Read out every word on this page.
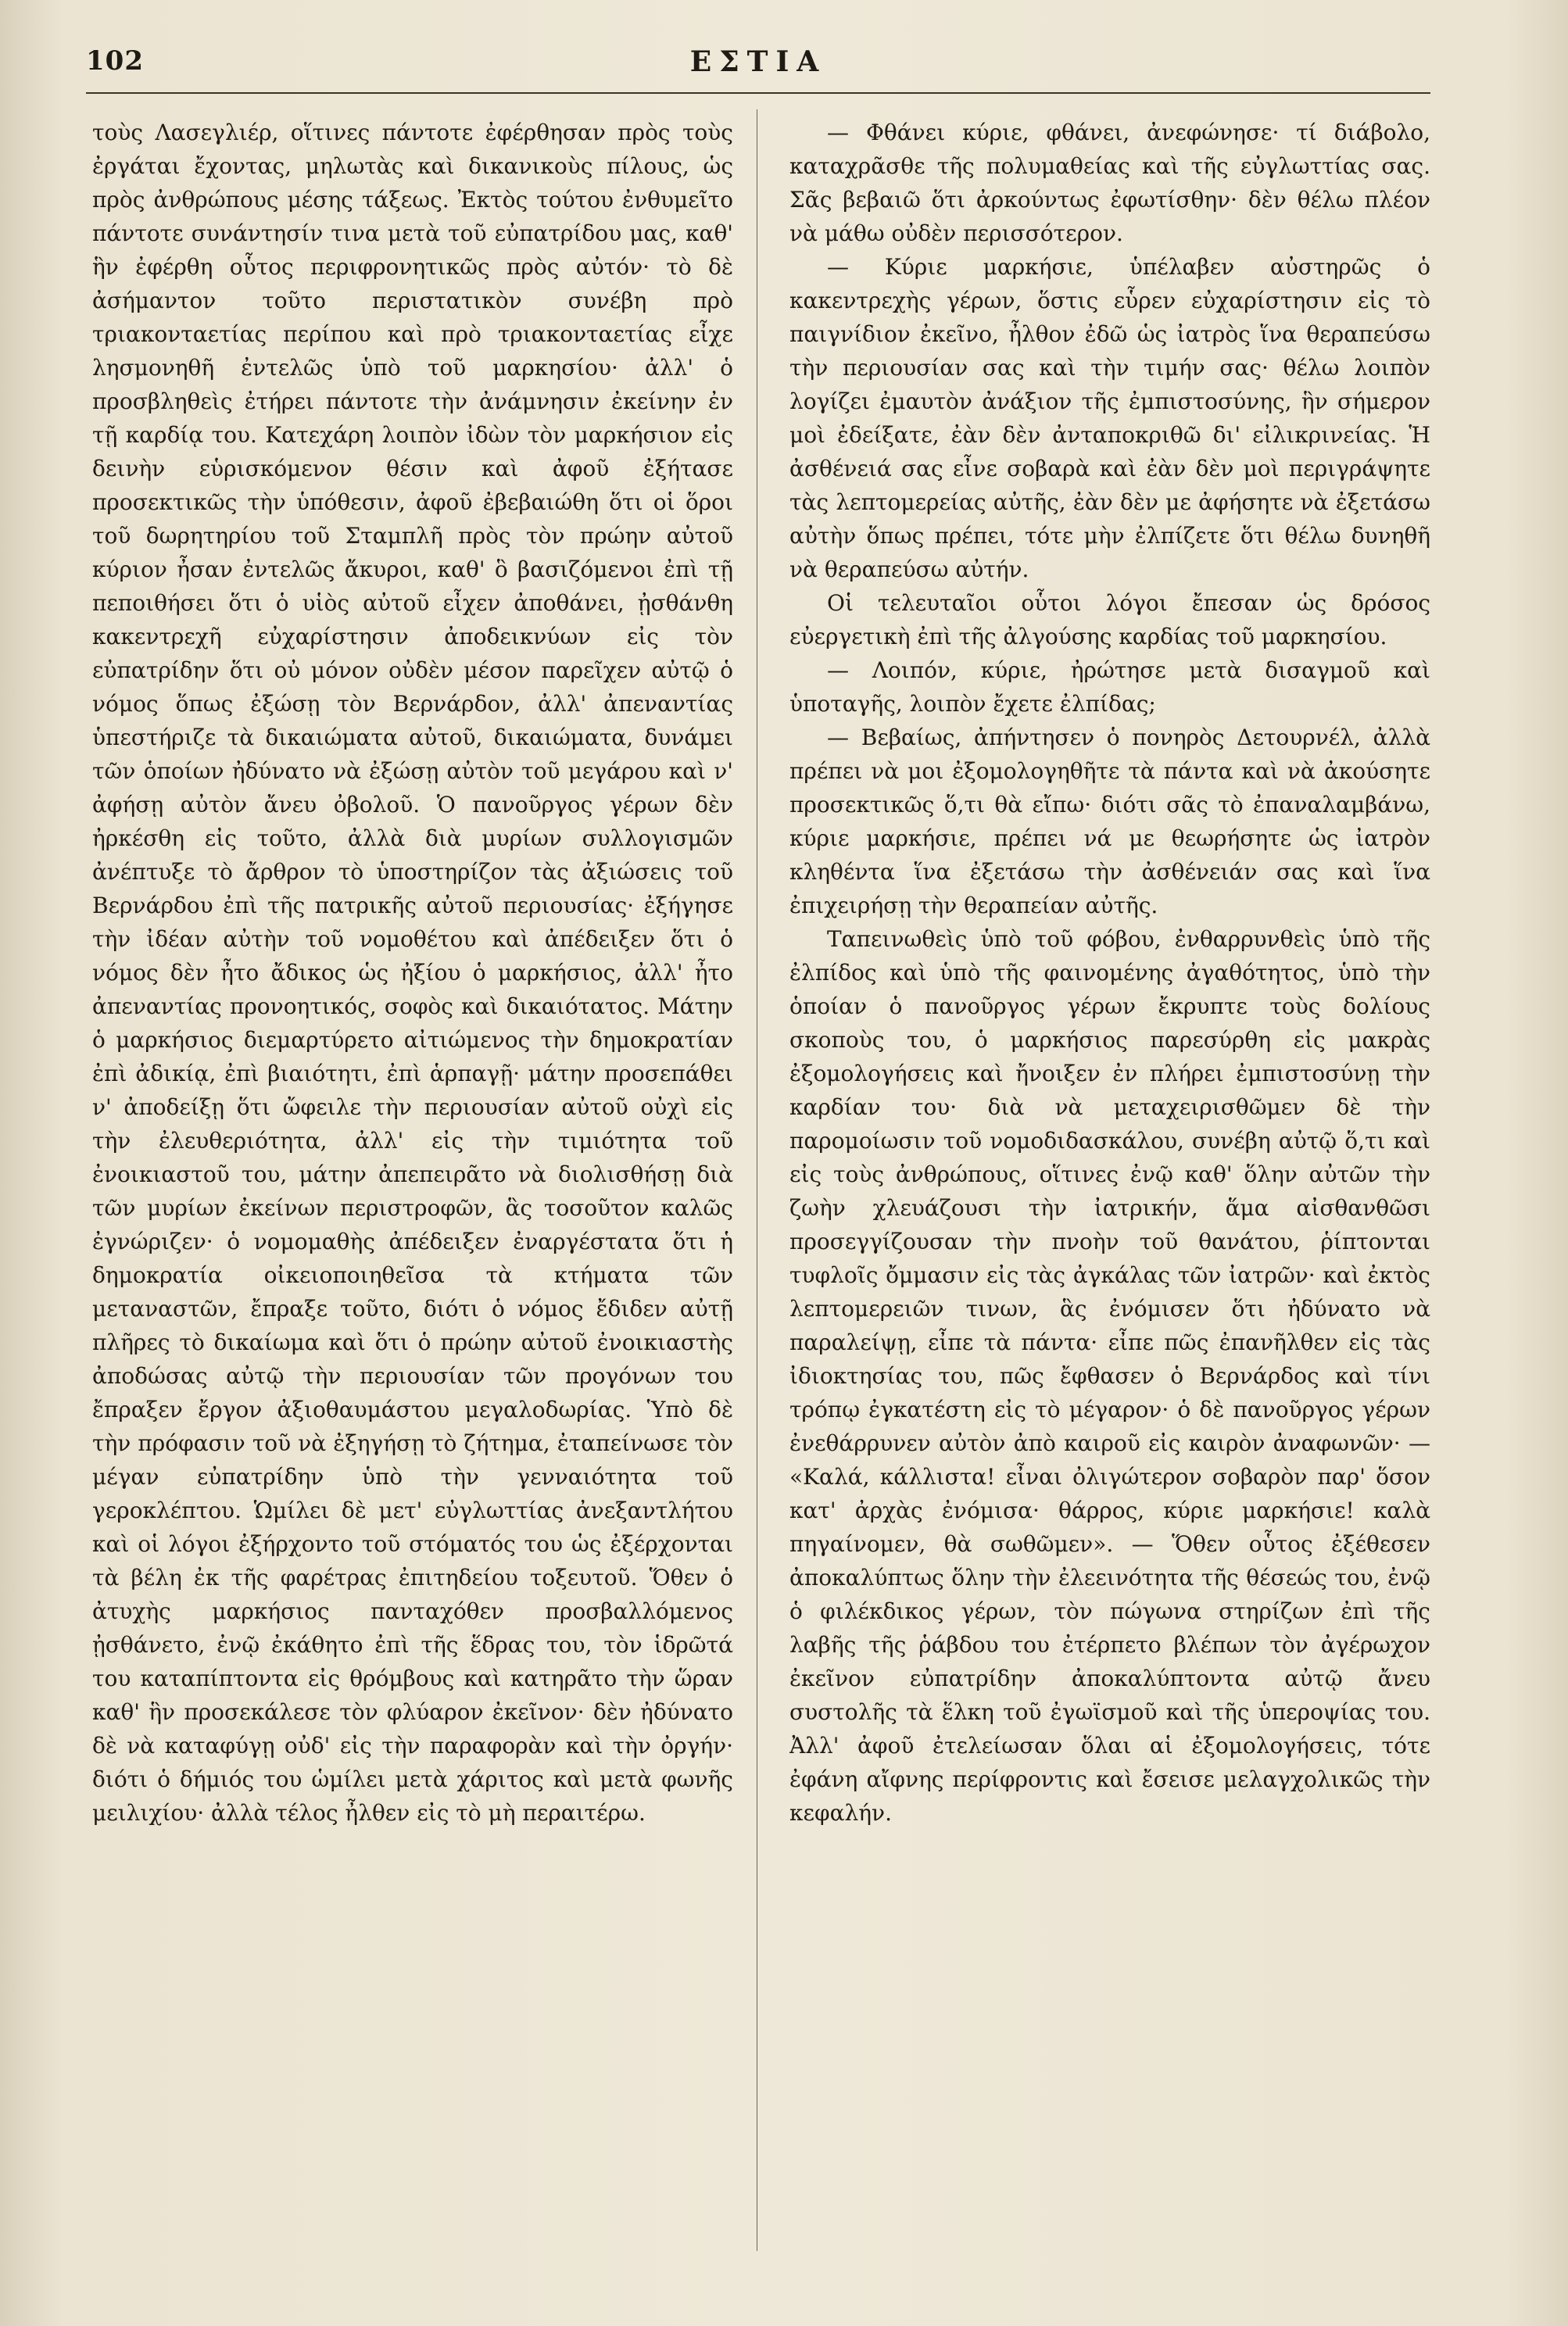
102	ΕΣΤΙΑ

τοὺς Λασεγλιέρ, οἵτινες πάντοτε ἐφέρθησαν πρὸς τοὺς ἐργάται ἔχοντας, μηλωτὰς καὶ δικανικοὺς πίλους, ὡς πρὸς ἀνθρώπους μέσης τάξεως. Ἐκτὸς τούτου ἐνθυμεῖτο πάντοτε συνάντησίν τινα μετὰ τοῦ εὐπατρίδου μας, καθ' ἣν ἐφέρθη οὗτος περιφρονητικῶς πρὸς αὐτόν· τὸ δὲ ἀσήμαντον τοῦτο περιστατικὸν συνέβη πρὸ τριακονταετίας περίπου καὶ πρὸ τριακονταετίας εἶχε λησμονηθῆ ἐντελῶς ὑπὸ τοῦ μαρκησίου· ἀλλ' ὁ προσβληθεὶς ἐτήρει πάντοτε τὴν ἀνάμνησιν ἐκείνην ἐν τῇ καρδίᾳ του. Κατεχάρη λοιπὸν ἰδὼν τὸν μαρκήσιον εἰς δεινὴν εὑρισκόμενον θέσιν καὶ ἀφοῦ ἐξήτασε προσεκτικῶς τὴν ὑπόθεσιν, ἀφοῦ ἐβεβαιώθη ὅτι οἱ ὅροι τοῦ δωρητηρίου τοῦ Σταμπλῆ πρὸς τὸν πρώην αὐτοῦ κύριον ἦσαν ἐντελῶς ἄκυροι, καθ' ὃ βασιζόμενοι ἐπὶ τῇ πεποιθήσει ὅτι ὁ υἱὸς αὐτοῦ εἶχεν ἀποθάνει, ᾐσθάνθη κακεντρεχῆ εὐχαρίστησιν ἀποδεικνύων εἰς τὸν εὐπατρίδην ὅτι οὐ μόνον οὐδὲν μέσον παρεῖχεν αὐτῷ ὁ νόμος ὅπως ἐξώσῃ τὸν Βερνάρδον, ἀλλ' ἀπεναντίας ὑπεστήριζε τὰ δικαιώματα αὐτοῦ, δικαιώματα, δυνάμει τῶν ὁποίων ἠδύνατο νὰ ἐξώσῃ αὐτὸν τοῦ μεγάρου καὶ ν' ἀφήσῃ αὐτὸν ἄνευ ὀβολοῦ. Ὁ πανοῦργος γέρων δὲν ἠρκέσθη εἰς τοῦτο, ἀλλὰ διὰ μυρίων συλλογισμῶν ἀνέπτυξε τὸ ἄρθρον τὸ ὑποστηρίζον τὰς ἀξιώσεις τοῦ Βερνάρδου ἐπὶ τῆς πατρικῆς αὐτοῦ περιουσίας· ἐξήγησε τὴν ἰδέαν αὐτὴν τοῦ νομοθέτου καὶ ἀπέδειξεν ὅτι ὁ νόμος δὲν ἦτο ἄδικος ὡς ἠξίου ὁ μαρκήσιος, ἀλλ' ἦτο ἀπεναντίας προνοητικός, σοφὸς καὶ δικαιότατος. Μάτην ὁ μαρκήσιος διεμαρτύρετο αἰτιώμενος τὴν δημοκρατίαν ἐπὶ ἀδικίᾳ, ἐπὶ βιαιότητι, ἐπὶ ἁρπαγῇ· μάτην προσεπάθει ν' ἀποδείξῃ ὅτι ὤφειλε τὴν περιουσίαν αὐτοῦ οὐχὶ εἰς τὴν ἐλευθεριότητα, ἀλλ' εἰς τὴν τιμιότητα τοῦ ἐνοικιαστοῦ του, μάτην ἀπεπειρᾶτο νὰ διολισθήσῃ διὰ τῶν μυρίων ἐκείνων περιστροφῶν, ἃς τοσοῦτον καλῶς ἐγνώριζεν· ὁ νομομαθὴς ἀπέδειξεν ἐναργέστατα ὅτι ἡ δημοκρατία οἰκειοποιηθεῖσα τὰ κτήματα τῶν μεταναστῶν, ἔπραξε τοῦτο, διότι ὁ νόμος ἔδιδεν αὐτῇ πλῆρες τὸ δικαίωμα καὶ ὅτι ὁ πρώην αὐτοῦ ἐνοικιαστὴς ἀποδώσας αὐτῷ τὴν περιουσίαν τῶν προγόνων του ἔπραξεν ἔργον ἀξιοθαυμάστου μεγαλοδωρίας. Ὑπὸ δὲ τὴν πρόφασιν τοῦ νὰ ἐξηγήσῃ τὸ ζήτημα, ἐταπείνωσε τὸν μέγαν εὐπατρίδην ὑπὸ τὴν γενναιότητα τοῦ γεροκλέπτου. Ὡμίλει δὲ μετ' εὐγλωττίας ἀνεξαντλήτου καὶ οἱ λόγοι ἐξήρχοντο τοῦ στόματός του ὡς ἐξέρχονται τὰ βέλη ἐκ τῆς φαρέτρας ἐπιτηδείου τοξευτοῦ. Ὅθεν ὁ ἀτυχὴς μαρκήσιος πανταχόθεν προσβαλλόμενος ᾐσθάνετο, ἐνῷ ἐκάθητο ἐπὶ τῆς ἕδρας του, τὸν ἱδρῶτά του καταπίπτοντα εἰς θρόμβους καὶ κατηρᾶτο τὴν ὥραν καθ' ἣν προσεκάλεσε τὸν φλύαρον ἐκεῖνον· δὲν ἠδύνατο δὲ νὰ καταφύγῃ οὐδ' εἰς τὴν παραφορὰν καὶ τὴν ὀργήν· διότι ὁ δήμιός του ὡμίλει μετὰ χάριτος καὶ μετὰ φωνῆς μειλιχίου· ἀλλὰ τέλος ἦλθεν εἰς τὸ μὴ περαιτέρω.

— Φθάνει κύριε, φθάνει, ἀνεφώνησε· τί διάβολο, καταχρᾶσθε τῆς πολυμαθείας καὶ τῆς εὐγλωττίας σας. Σᾶς βεβαιῶ ὅτι ἀρκούντως ἐφωτίσθην· δὲν θέλω πλέον νὰ μάθω οὐδὲν περισσότερον.

— Κύριε μαρκήσιε, ὑπέλαβεν αὐστηρῶς ὁ κακεντρεχὴς γέρων, ὅστις εὗρεν εὐχαρίστησιν εἰς τὸ παιγνίδιον ἐκεῖνο, ἦλθον ἐδῶ ὡς ἰατρὸς ἵνα θεραπεύσω τὴν περιουσίαν σας καὶ τὴν τιμήν σας· θέλω λοιπὸν λογίζει ἐμαυτὸν ἀνάξιον τῆς ἐμπιστοσύνης, ἣν σήμερον μοὶ ἐδείξατε, ἐὰν δὲν ἀνταποκριθῶ δι' εἰλικρινείας. Ἡ ἀσθένειά σας εἶνε σοβαρὰ καὶ ἐὰν δὲν μοὶ περιγράψητε τὰς λεπτομερείας αὐτῆς, ἐὰν δὲν με ἀφήσητε νὰ ἐξετάσω αὐτὴν ὅπως πρέπει, τότε μὴν ἐλπίζετε ὅτι θέλω δυνηθῆ νὰ θεραπεύσω αὐτήν.

Οἱ τελευταῖοι οὗτοι λόγοι ἔπεσαν ὡς δρόσος εὐεργετικὴ ἐπὶ τῆς ἀλγούσης καρδίας τοῦ μαρκησίου.

— Λοιπόν, κύριε, ἠρώτησε μετὰ δισαγμοῦ καὶ ὑποταγῆς, λοιπὸν ἔχετε ἐλπίδας;

— Βεβαίως, ἀπήντησεν ὁ πονηρὸς Δετουρνέλ, ἀλλὰ πρέπει νὰ μοι ἐξομολογηθῆτε τὰ πάντα καὶ νὰ ἀκούσητε προσεκτικῶς ὅ,τι θὰ εἴπω· διότι σᾶς τὸ ἐπαναλαμβάνω, κύριε μαρκήσιε, πρέπει νά με θεωρήσητε ὡς ἰατρὸν κληθέντα ἵνα ἐξετάσω τὴν ἀσθένειάν σας καὶ ἵνα ἐπιχειρήσῃ τὴν θεραπείαν αὐτῆς.

Ταπεινωθεὶς ὑπὸ τοῦ φόβου, ἐνθαρρυνθεὶς ὑπὸ τῆς ἐλπίδος καὶ ὑπὸ τῆς φαινομένης ἀγαθότητος, ὑπὸ τὴν ὁποίαν ὁ πανοῦργος γέρων ἔκρυπτε τοὺς δολίους σκοποὺς του, ὁ μαρκήσιος παρεσύρθη εἰς μακρὰς ἐξομολογήσεις καὶ ἤνοιξεν ἐν πλήρει ἐμπιστοσύνῃ τὴν καρδίαν του· διὰ νὰ μεταχειρισθῶμεν δὲ τὴν παρομοίωσιν τοῦ νομοδιδασκάλου, συνέβη αὐτῷ ὅ,τι καὶ εἰς τοὺς ἀνθρώπους, οἵτινες ἐνῷ καθ' ὅλην αὐτῶν τὴν ζωὴν χλευάζουσι τὴν ἰατρικήν, ἅμα αἰσθανθῶσι προσεγγίζουσαν τὴν πνοὴν τοῦ θανάτου, ῥίπτονται τυφλοῖς ὄμμασιν εἰς τὰς ἀγκάλας τῶν ἰατρῶν· καὶ ἐκτὸς λεπτομερειῶν τινων, ἃς ἐνόμισεν ὅτι ἠδύνατο νὰ παραλείψῃ, εἶπε τὰ πάντα· εἶπε πῶς ἐπανῆλθεν εἰς τὰς ἰδιοκτησίας του, πῶς ἔφθασεν ὁ Βερνάρδος καὶ τίνι τρόπῳ ἐγκατέστη εἰς τὸ μέγαρον· ὁ δὲ πανοῦργος γέρων ἐνεθάρρυνεν αὐτὸν ἀπὸ καιροῦ εἰς καιρὸν ἀναφωνῶν· — «Καλά, κάλλιστα! εἶναι ὀλιγώτερον σοβαρὸν παρ' ὅσον κατ' ἀρχὰς ἐνόμισα· θάρρος, κύριε μαρκήσιε! καλὰ πηγαίνομεν, θὰ σωθῶμεν». — Ὅθεν οὗτος ἐξέθεσεν ἀποκαλύπτως ὅλην τὴν ἐλεεινότητα τῆς θέσεώς του, ἐνῷ ὁ φιλέκδικος γέρων, τὸν πώγωνα στηρίζων ἐπὶ τῆς λαβῆς τῆς ῥάβδου του ἐτέρπετο βλέπων τὸν ἀγέρωχον ἐκεῖνον εὐπατρίδην ἀποκαλύπτοντα αὐτῷ ἄνευ συστολῆς τὰ ἕλκη τοῦ ἐγωϊσμοῦ καὶ τῆς ὑπεροψίας του. Ἀλλ' ἀφοῦ ἐτελείωσαν ὅλαι αἱ ἐξομολογήσεις, τότε ἐφάνη αἴφνης περίφροντις καὶ ἔσεισε μελαγχολικῶς τὴν κεφαλήν.
